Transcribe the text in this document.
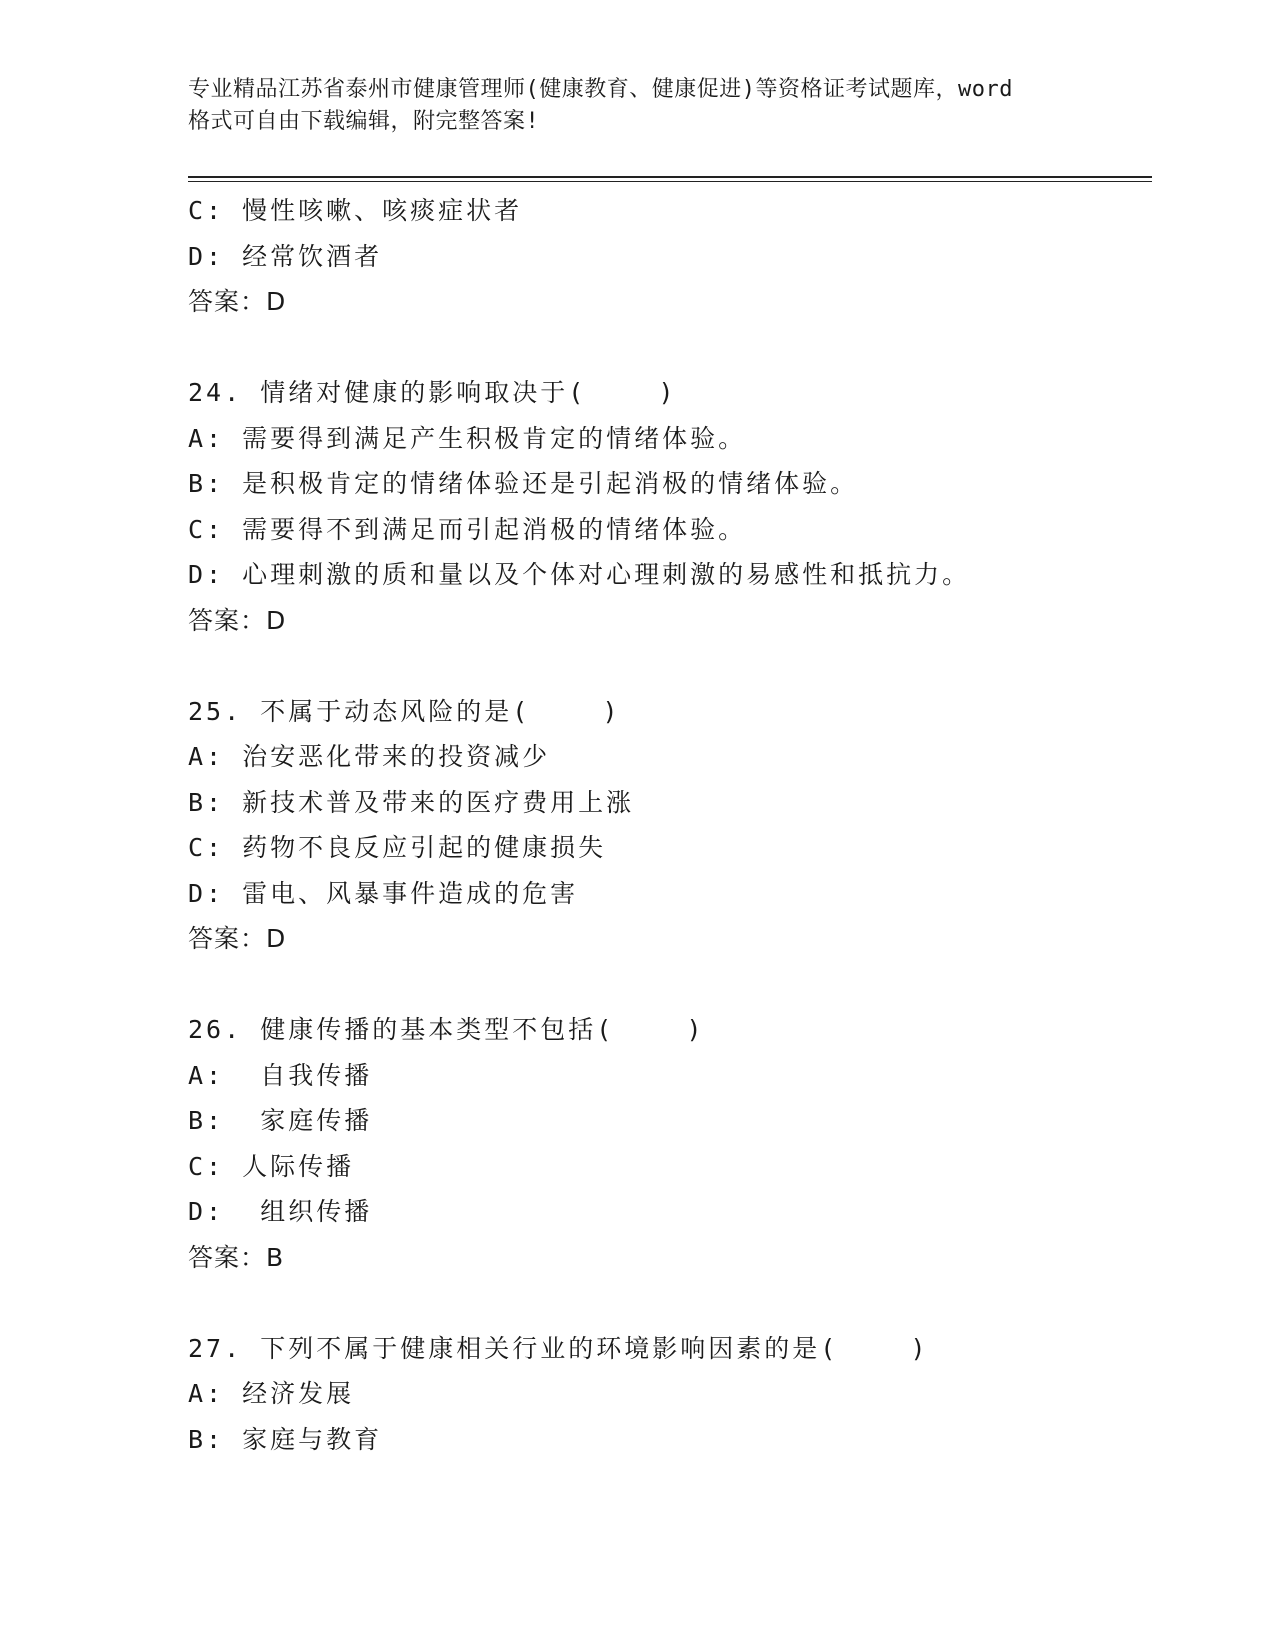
专业精品江苏省泰州市健康管理师(健康教育、健康促进)等资格证考试题库，word
格式可自由下载编辑，附完整答案!
C: 慢性咳嗽、咳痰症状者
D: 经常饮酒者
答案：D
24. 情绪对健康的影响取决于(    )
A: 需要得到满足产生积极肯定的情绪体验。
B: 是积极肯定的情绪体验还是引起消极的情绪体验。
C: 需要得不到满足而引起消极的情绪体验。
D: 心理刺激的质和量以及个体对心理刺激的易感性和抵抗力。
答案：D
25. 不属于动态风险的是(    )
A: 治安恶化带来的投资减少
B: 新技术普及带来的医疗费用上涨
C: 药物不良反应引起的健康损失
D: 雷电、风暴事件造成的危害
答案：D
26. 健康传播的基本类型不包括(    )
A:  自我传播
B:  家庭传播
C: 人际传播
D:  组织传播
答案：B
27. 下列不属于健康相关行业的环境影响因素的是(    )
A: 经济发展
B: 家庭与教育
